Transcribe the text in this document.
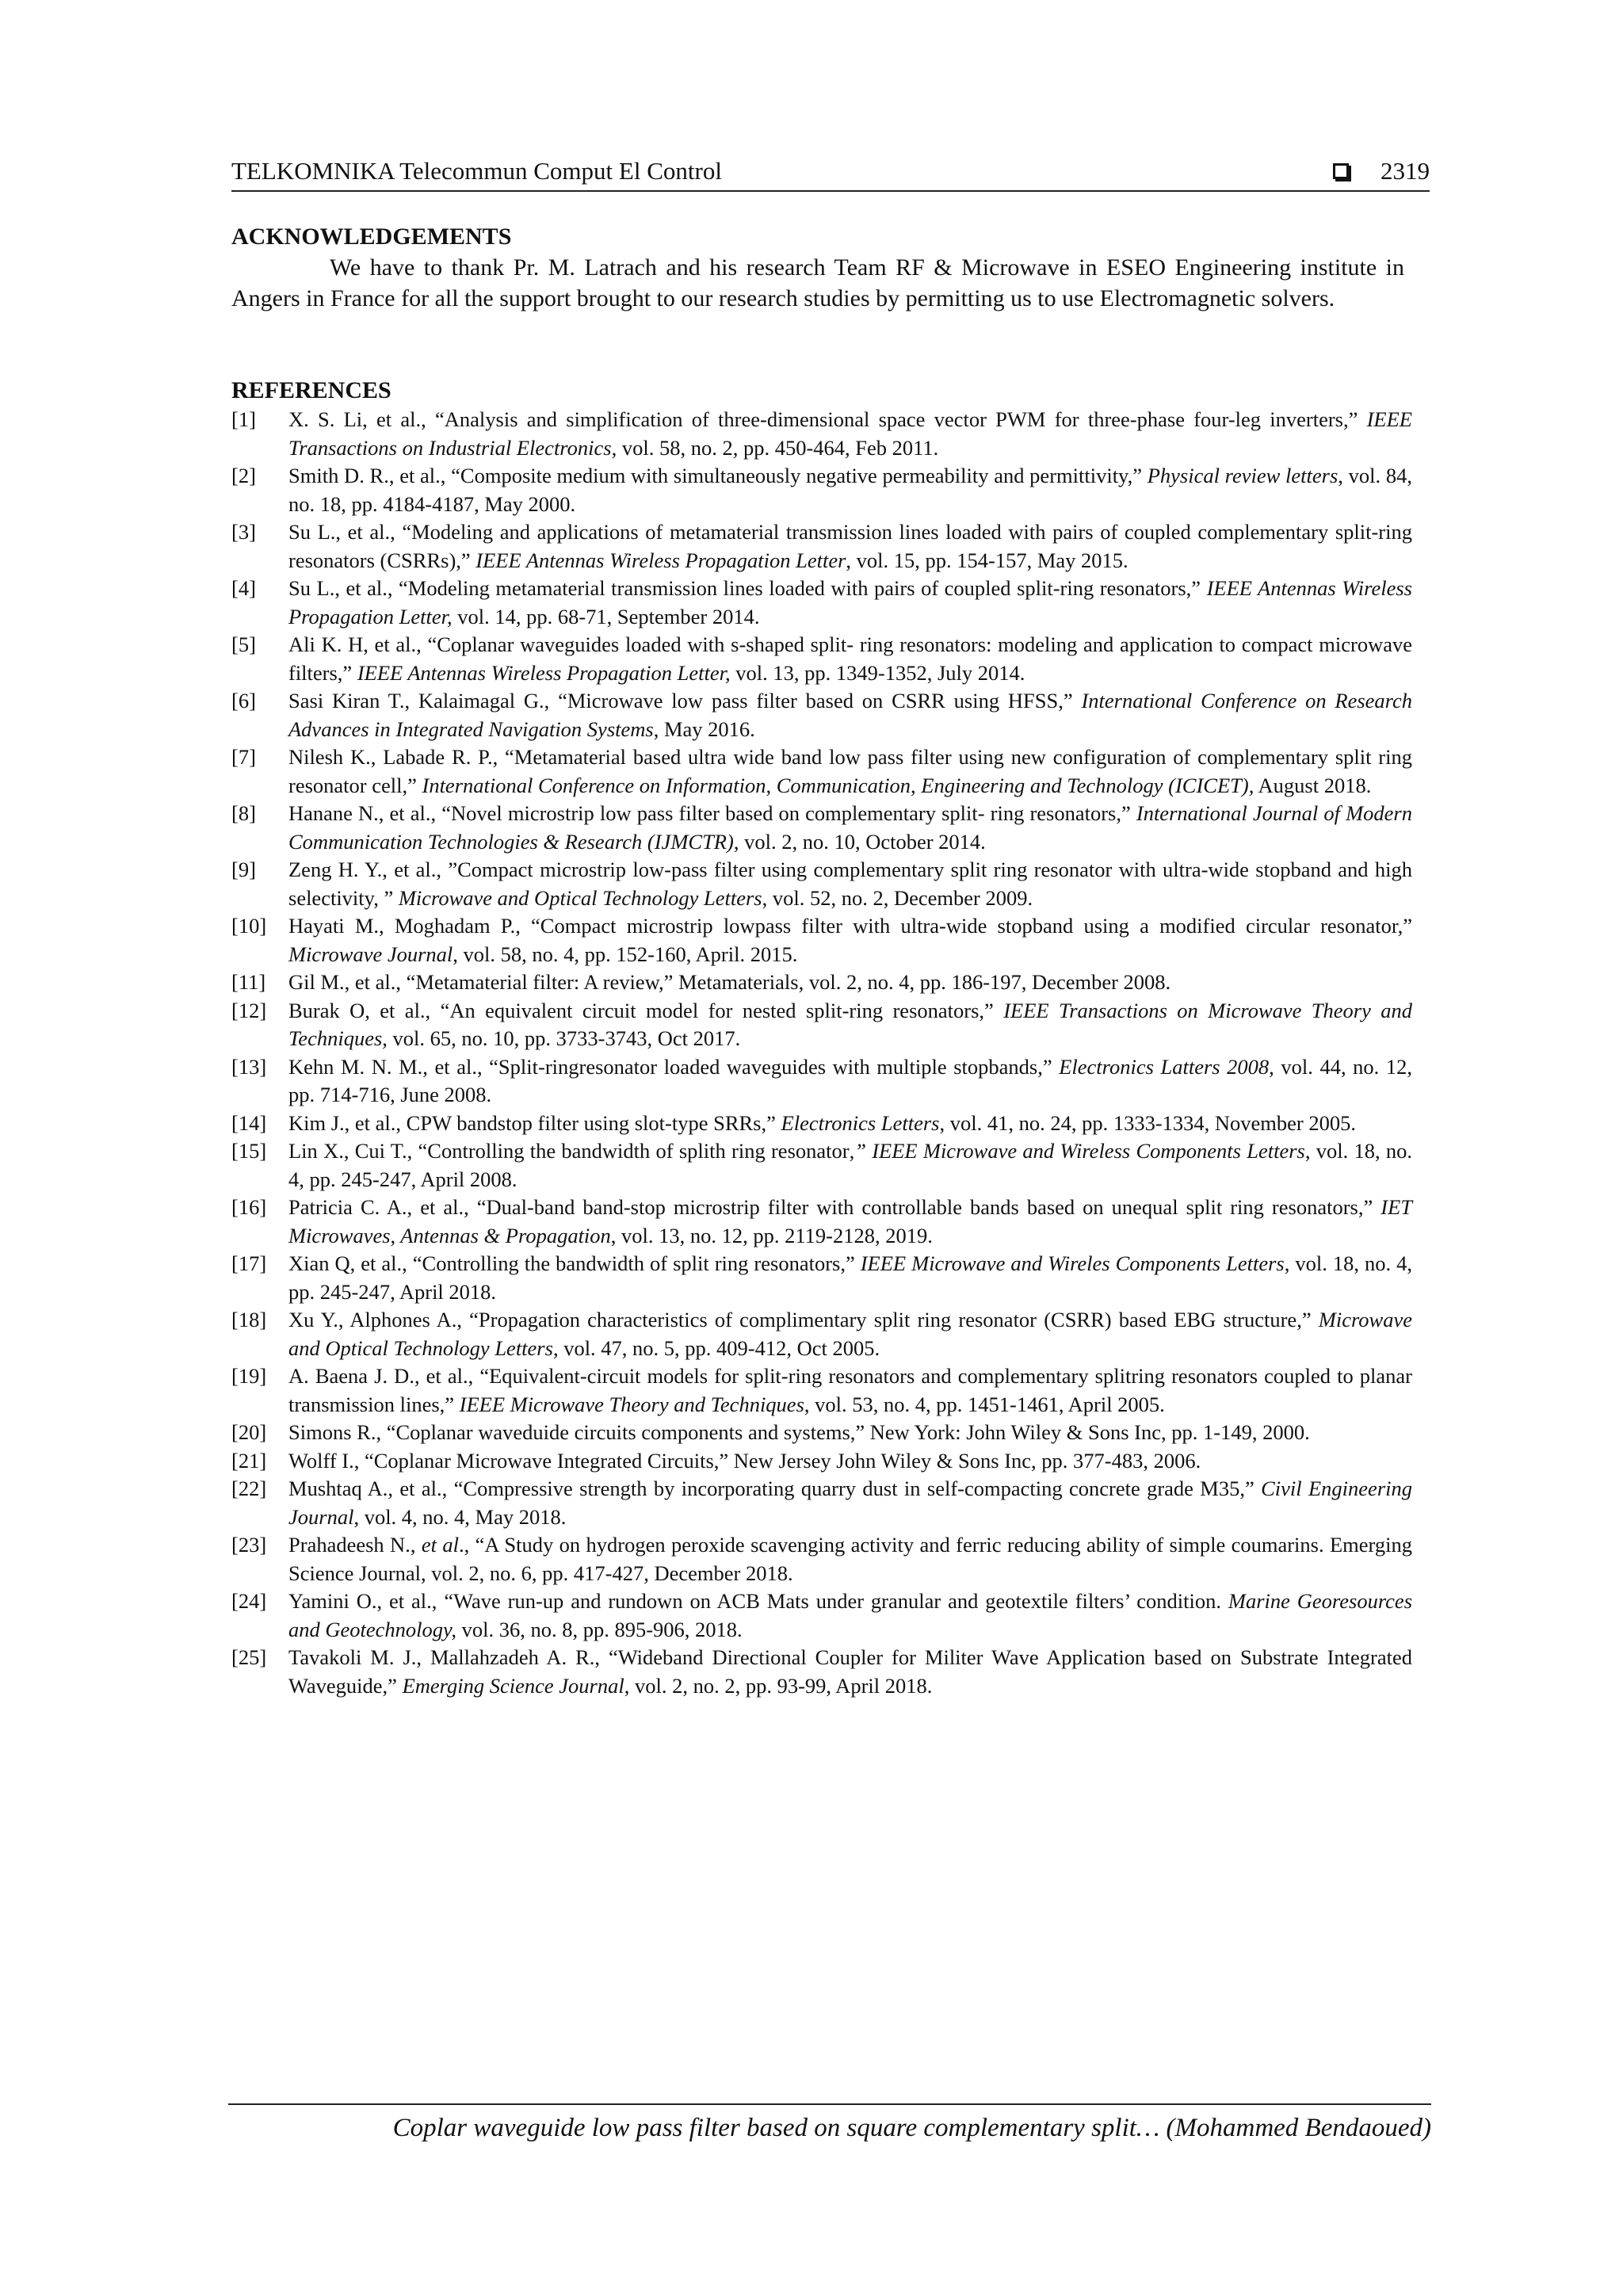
TELKOMNIKA Telecommun Comput El Control	2319
ACKNOWLEDGEMENTS

We have to thank Pr. M. Latrach and his research Team RF & Microwave in ESEO Engineering institute in Angers in France for all the support brought to our research studies by permitting us to use Electromagnetic solvers.

REFERENCES
[1] X. S. Li, et al., “Analysis and simplification of three-dimensional space vector PWM for three-phase four-leg inverters,” IEEE Transactions on Industrial Electronics, vol. 58, no. 2, pp. 450-464, Feb 2011.
[2] Smith D. R., et al., “Composite medium with simultaneously negative permeability and permittivity,” Physical review letters, vol. 84, no. 18, pp. 4184-4187, May 2000.
[3] Su L., et al., “Modeling and applications of metamaterial transmission lines loaded with pairs of coupled complementary split-ring resonators (CSRRs),” IEEE Antennas Wireless Propagation Letter, vol. 15, pp. 154-157, May 2015.
[4] Su L., et al., “Modeling metamaterial transmission lines loaded with pairs of coupled split-ring resonators,” IEEE Antennas Wireless Propagation Letter, vol. 14, pp. 68-71, September 2014.
[5] Ali K. H, et al., “Coplanar waveguides loaded with s-shaped split- ring resonators: modeling and application to compact microwave filters,” IEEE Antennas Wireless Propagation Letter, vol. 13, pp. 1349-1352, July 2014.
[6] Sasi Kiran T., Kalaimagal G., “Microwave low pass filter based on CSRR using HFSS,” International Conference on Research Advances in Integrated Navigation Systems, May 2016.
[7] Nilesh K., Labade R. P., “Metamaterial based ultra wide band low pass filter using new configuration of complementary split ring resonator cell,” International Conference on Information, Communication, Engineering and Technology (ICICET), August 2018.
[8] Hanane N., et al., “Novel microstrip low pass filter based on complementary split- ring resonators,” International Journal of Modern Communication Technologies & Research (IJMCTR), vol. 2, no. 10, October 2014.
[9] Zeng H. Y., et al., ”Compact microstrip low-pass filter using complementary split ring resonator with ultra-wide stopband and high selectivity, ” Microwave and Optical Technology Letters, vol. 52, no. 2, December 2009.
[10] Hayati M., Moghadam P., “Compact microstrip lowpass filter with ultra-wide stopband using a modified circular resonator,” Microwave Journal, vol. 58, no. 4, pp. 152-160, April. 2015.
[11] Gil M., et al., “Metamaterial filter: A review,” Metamaterials, vol. 2, no. 4, pp. 186-197, December 2008.
[12] Burak O, et al., “An equivalent circuit model for nested split-ring resonators,” IEEE Transactions on Microwave Theory and Techniques, vol. 65, no. 10, pp. 3733-3743, Oct 2017.
[13] Kehn M. N. M., et al., “Split-ringresonator loaded waveguides with multiple stopbands,” Electronics Latters 2008, vol. 44, no. 12, pp. 714-716, June 2008.
[14] Kim J., et al., CPW bandstop filter using slot-type SRRs,” Electronics Letters, vol. 41, no. 24, pp. 1333-1334, November 2005.
[15] Lin X., Cui T., “Controlling the bandwidth of splith ring resonator,” IEEE Microwave and Wireless Components Letters, vol. 18, no. 4, pp. 245-247, April 2008.
[16] Patricia C. A., et al., “Dual-band band-stop microstrip filter with controllable bands based on unequal split ring resonators,” IET Microwaves, Antennas & Propagation, vol. 13, no. 12, pp. 2119-2128, 2019.
[17] Xian Q, et al., “Controlling the bandwidth of split ring resonators,” IEEE Microwave and Wireles Components Letters, vol. 18, no. 4, pp. 245-247, April 2018.
[18] Xu Y., Alphones A., “Propagation characteristics of complimentary split ring resonator (CSRR) based EBG structure,” Microwave and Optical Technology Letters, vol. 47, no. 5, pp. 409-412, Oct 2005.
[19] A. Baena J. D., et al., “Equivalent-circuit models for split-ring resonators and complementary splitring resonators coupled to planar transmission lines,” IEEE Microwave Theory and Techniques, vol. 53, no. 4, pp. 1451-1461, April 2005.
[20] Simons R., “Coplanar waveduide circuits components and systems,” New York: John Wiley & Sons Inc, pp. 1-149, 2000.
[21] Wolff I., “Coplanar Microwave Integrated Circuits,” New Jersey John Wiley & Sons Inc, pp. 377-483, 2006.
[22] Mushtaq A., et al., “Compressive strength by incorporating quarry dust in self-compacting concrete grade M35,” Civil Engineering Journal, vol. 4, no. 4, May 2018.
[23] Prahadeesh N., et al., “A Study on hydrogen peroxide scavenging activity and ferric reducing ability of simple coumarins. Emerging Science Journal, vol. 2, no. 6, pp. 417-427, December 2018.
[24] Yamini O., et al., “Wave run-up and rundown on ACB Mats under granular and geotextile filters’ condition. Marine Georesources and Geotechnology, vol. 36, no. 8, pp. 895-906, 2018.
[25] Tavakoli M. J., Mallahzadeh A. R., “Wideband Directional Coupler for Militer Wave Application based on Substrate Integrated Waveguide,” Emerging Science Journal, vol. 2, no. 2, pp. 93-99, April 2018.
Coplar waveguide low pass filter based on square complementary split… (Mohammed Bendaoued)
